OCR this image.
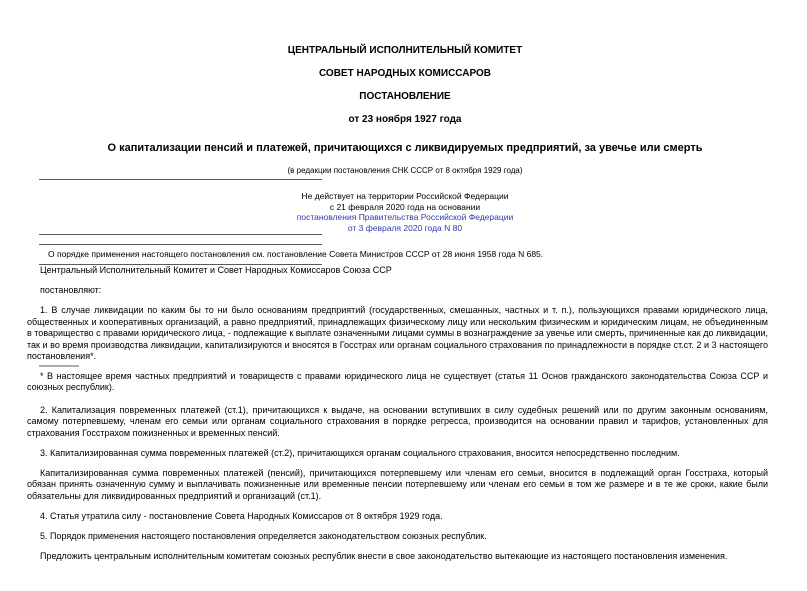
ЦЕНТРАЛЬНЫЙ ИСПОЛНИТЕЛЬНЫЙ КОМИТЕТ
СОВЕТ НАРОДНЫХ КОМИССАРОВ
ПОСТАНОВЛЕНИЕ
от 23 ноября 1927 года
О капитализации пенсий и платежей, причитающихся с ликвидируемых предприятий, за увечье или смерть
(в редакции постановления СНК СССР от 8 октября 1929 года)
Не действует на территории Российской Федерации
с 21 февраля 2020 года на основании
постановления Правительства Российской Федерации
от 3 февраля 2020 года N 80
О порядке применения настоящего постановления см. постановление Совета Министров СССР от 28 июня 1958 года N 685.

Центральный Исполнительный Комитет и Совет Народных Комиссаров Союза ССР

постановляют:

1. В случае ликвидации по каким бы то ни было основаниям предприятий (государственных, смешанных, частных и т. п.), пользующихся правами юридического лица, общественных и кооперативных организаций, а равно предприятий, принадлежащих физическому лицу или нескольким физическим и юридическим лицам, не объединенным в товарищество с правами юридического лица, - подлежащие к выплате означенными лицами суммы в вознаграждение за увечье или смерть, причиненные как до ликвидации, так и во время производства ликвидации, капитализируются и вносятся в Госстрах или органам социального страхования по принадлежности в порядке ст.ст. 2 и 3 настоящего постановления*.

* В настоящее время частных предприятий и товариществ с правами юридического лица не существует (статья 11 Основ гражданского законодательства Союза ССР и союзных республик).

2. Капитализация повременных платежей (ст.1), причитающихся к выдаче, на основании вступивших в силу судебных решений или по другим законным основаниям, самому потерпевшему, членам его семьи или органам социального страхования в порядке регресса, производится на основании правил и тарифов, установленных для страхования Госстрахом пожизненных и временных пенсий.

3. Капитализированная сумма повременных платежей (ст.2), причитающихся органам социального страхования, вносится непосредственно последним.

Капитализированная сумма повременных платежей (пенсий), причитающихся потерпевшему или членам его семьи, вносится в подлежащий орган Госстраха, который обязан принять означенную сумму и выплачивать пожизненные или временные пенсии потерпевшему или членам его семьи в том же размере и в те же сроки, какие были обязательны для ликвидированных предприятий и организаций (ст.1).

4. Статья утратила силу - постановление Совета Народных Комиссаров от 8 октября 1929 года.

5. Порядок применения настоящего постановления определяется законодательством союзных республик.

Предложить центральным исполнительным комитетам союзных республик внести в свое законодательство вытекающие из настоящего постановления изменения.
